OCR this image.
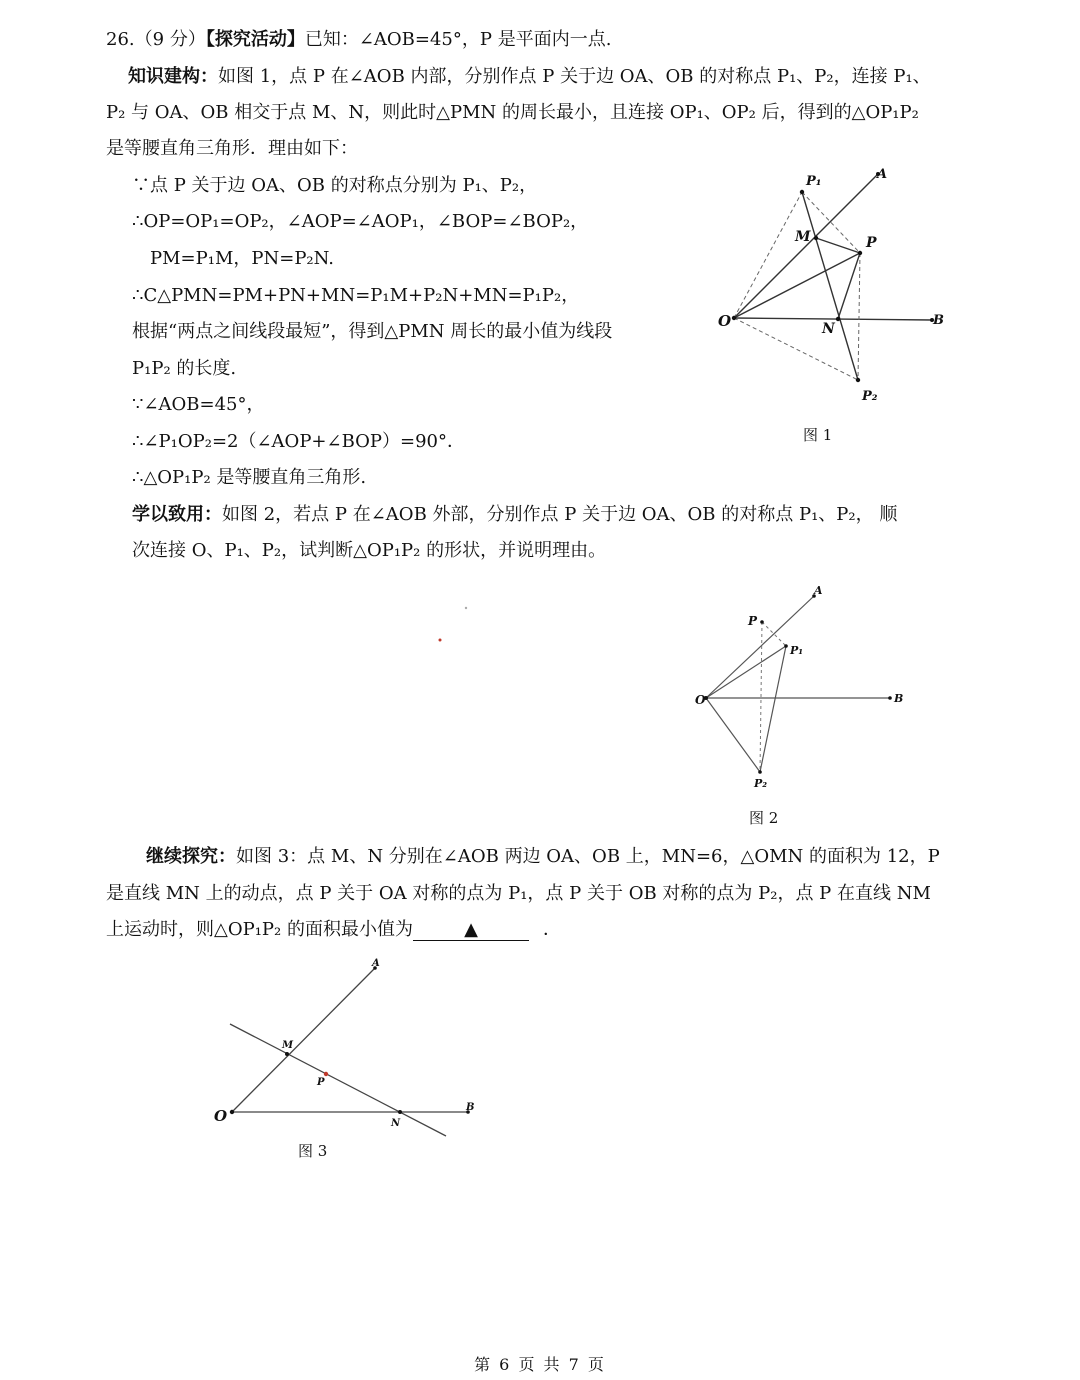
26.（9 分）【探究活动】已知：∠AOB=45°，P 是平面内一点.
知识建构：如图 1，点 P 在∠AOB 内部，分别作点 P 关于边 OA、OB 的对称点 P₁、P₂，连接 P₁、
P₂ 与 OA、OB 相交于点 M、N，则此时△PMN 的周长最小，且连接 OP₁、OP₂ 后，得到的△OP₁P₂
是等腰直角三角形．理由如下：
∵点 P 关于边 OA、OB 的对称点分别为 P₁、P₂，
∴OP=OP₁=OP₂，∠AOP=∠AOP₁，∠BOP=∠BOP₂，
PM=P₁M，PN=P₂N.
∴C△PMN=PM+PN+MN=P₁M+P₂N+MN=P₁P₂，
根据“两点之间线段最短”，得到△PMN 周长的最小值为线段
P₁P₂ 的长度.
∵∠AOB=45°，
∴∠P₁OP₂=2（∠AOP+∠BOP）=90°．
∴△OP₁P₂ 是等腰直角三角形.
O
A
B
P
M
N
P₁
P₂
图 1
学以致用：如图 2，若点 P 在∠AOB 外部，分别作点 P 关于边 OA、OB 的对称点 P₁、P₂， 顺
次连接 O、P₁、P₂，试判断△OP₁P₂ 的形状，并说明理由。
O
A
B
P
P₁
P₂
图 2
继续探究：如图 3：点 M、N 分别在∠AOB 两边 OA、OB 上，MN=6，△OMN 的面积为 12，P
是直线 MN 上的动点，点 P 关于 OA 对称的点为 P₁，点 P 关于 OB 对称的点为 P₂，点 P 在直线 NM
上运动时，则△OP₁P₂ 的面积最小值为	▲	．
O
A
B
M
P
N
图 3
第 6 页 共 7 页
